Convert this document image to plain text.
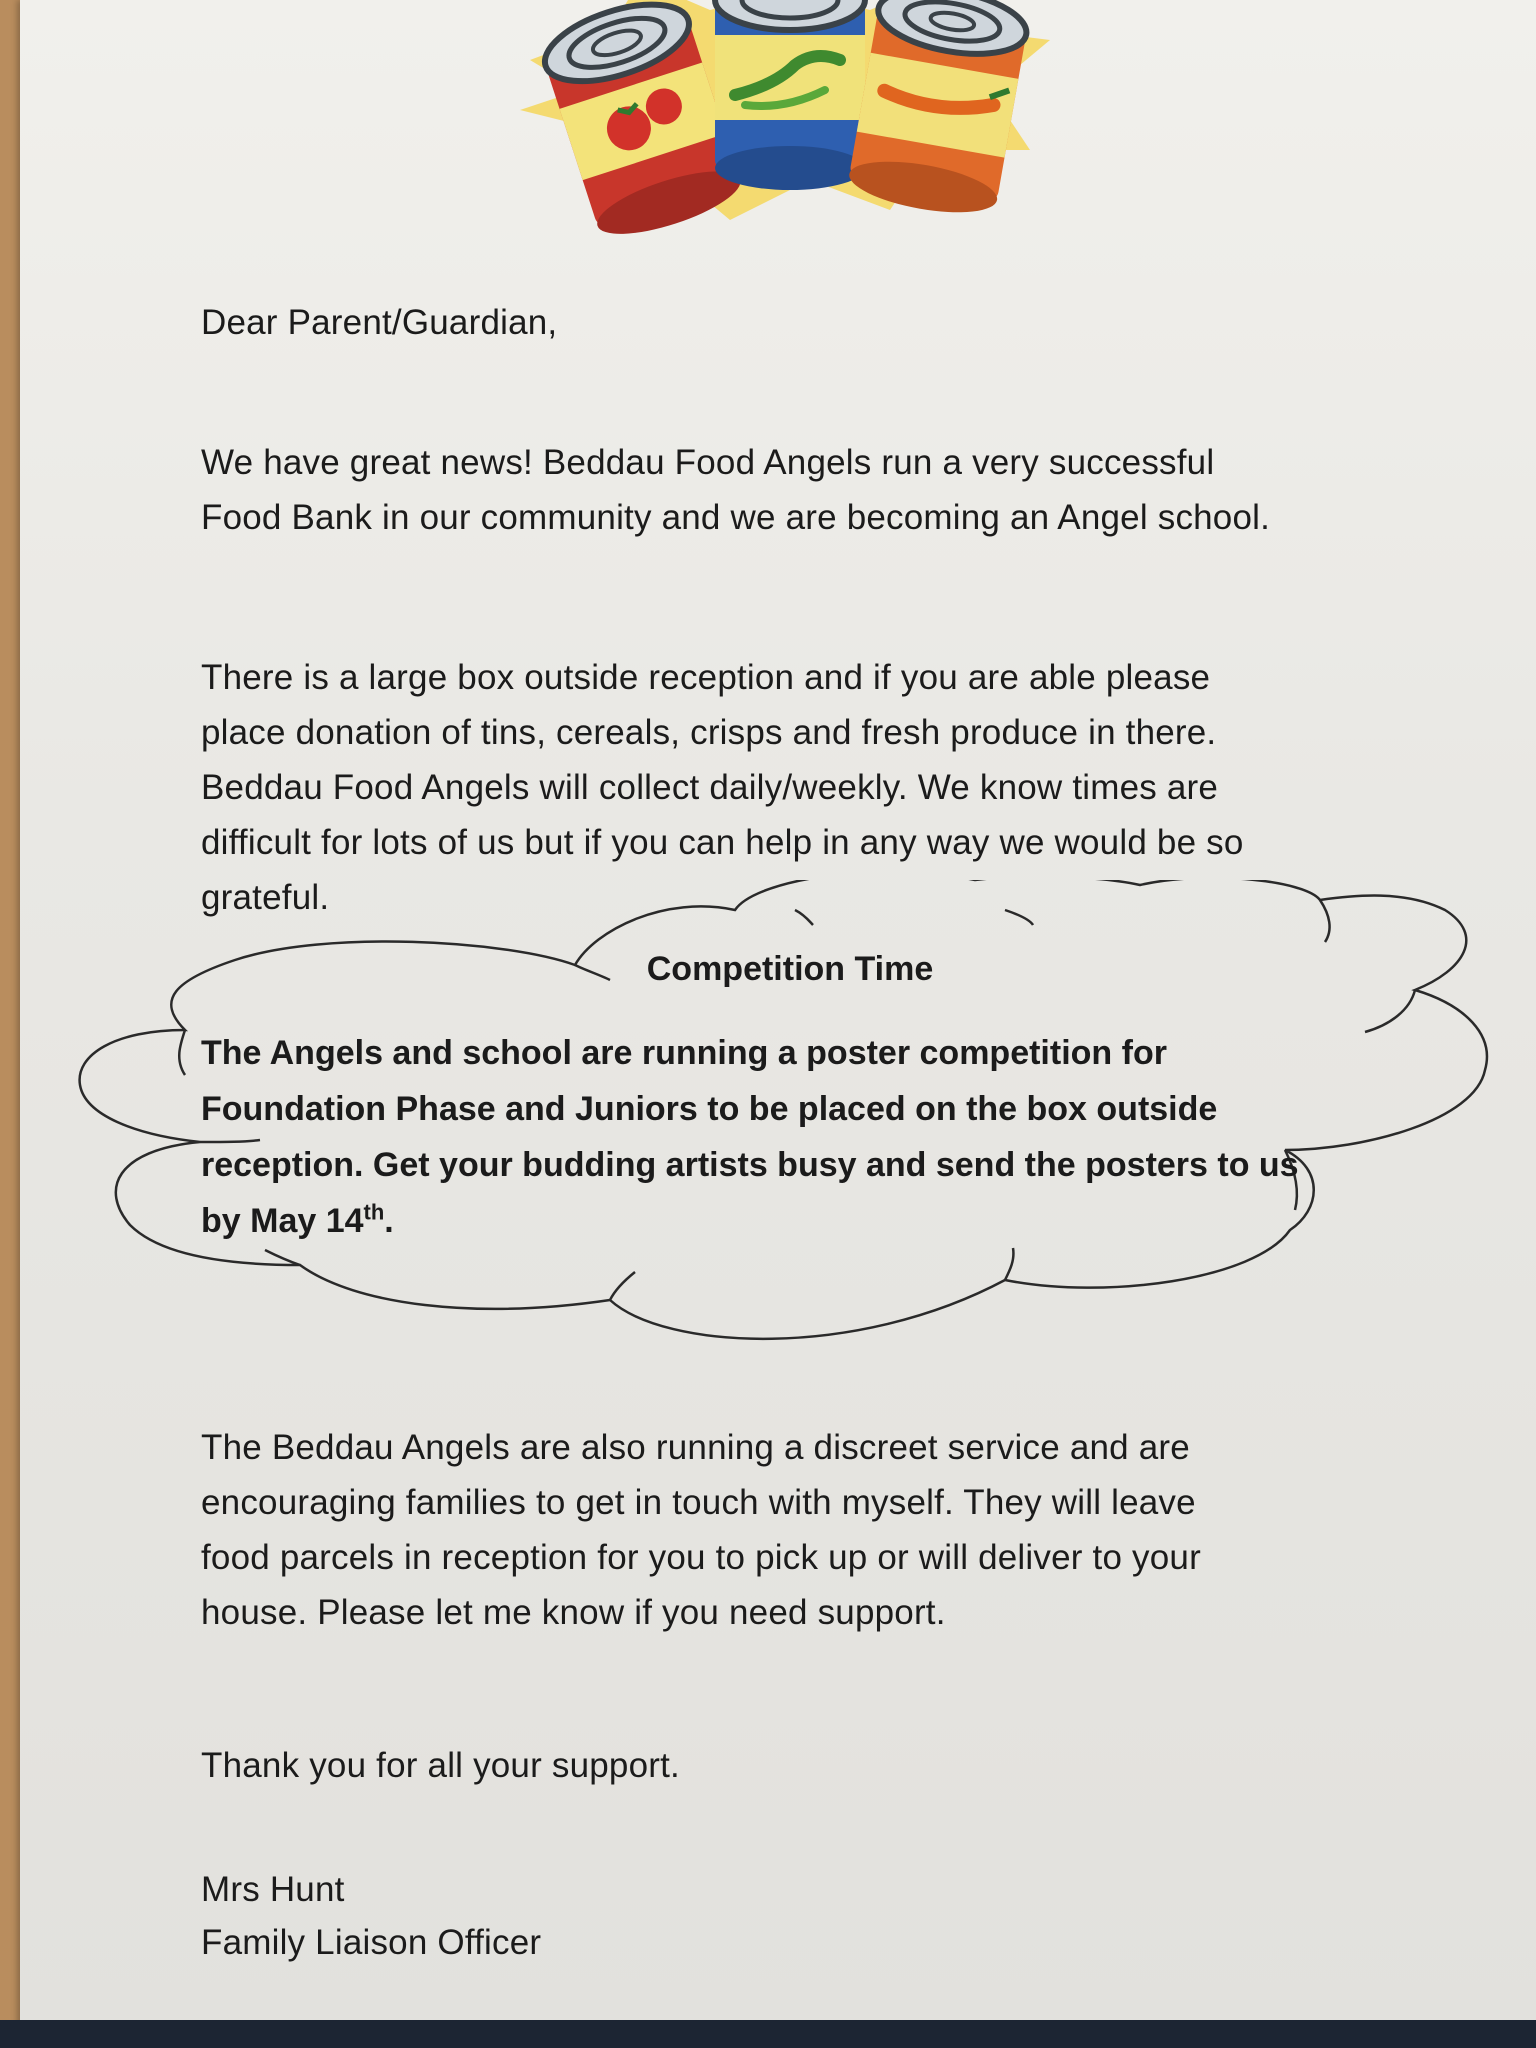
Dear Parent/Guardian,

We have great news! Beddau Food Angels run a very successful

Food Bank in our community and we are becoming an Angel school.

There is a large box outside reception and if you are able please

place donation of tins, cereals, crisps and fresh produce in there.

Beddau Food Angels will collect daily/weekly. We know times are

difficult for lots of us but if you can help in any way we would be so

grateful.

Competition Time

The Angels and school are running a poster competition for

Foundation Phase and Juniors to be placed on the box outside

reception. Get your budding artists busy and send the posters to us

by May 14th.

The Beddau Angels are also running a discreet service and are

encouraging families to get in touch with myself. They will leave

food parcels in reception for you to pick up or will deliver to your

house. Please let me know if you need support.

Thank you for all your support.
Mrs Hunt
Family Liaison Officer
